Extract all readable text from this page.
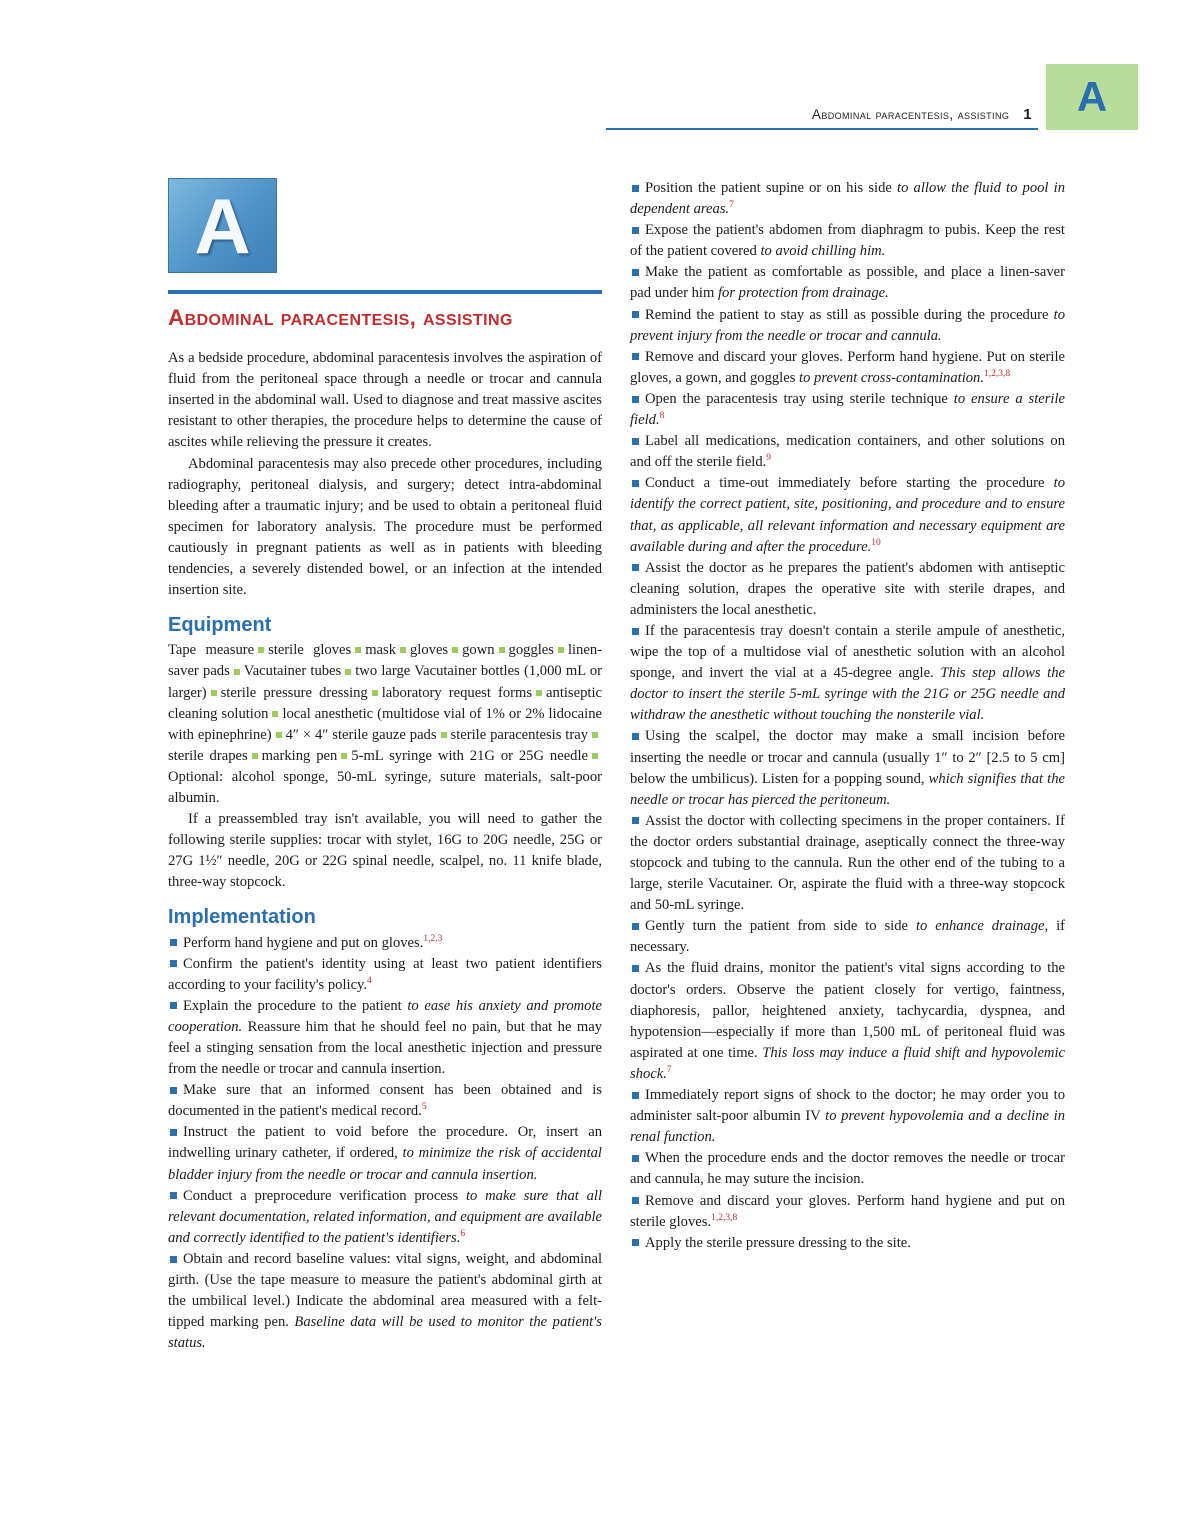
Abdominal paracentesis, assisting 1 A
A
Abdominal paracentesis, assisting

As a bedside procedure, abdominal paracentesis involves the aspiration of fluid from the peritoneal space through a needle or trocar and cannula inserted in the abdominal wall. Used to diagnose and treat massive ascites resistant to other therapies, the procedure helps to determine the cause of ascites while relieving the pressure it creates.

Abdominal paracentesis may also precede other procedures, including radiography, peritoneal dialysis, and surgery; detect intra-abdominal bleeding after a traumatic injury; and be used to obtain a peritoneal fluid specimen for laboratory analysis. The procedure must be performed cautiously in pregnant patients as well as in patients with bleeding tendencies, a severely distended bowel, or an infection at the intended insertion site.

Equipment

Tape measure sterile gloves mask gloves gown goggles linen-saver pads Vacutainer tubes two large Vacutainer bottles (1,000 mL or larger) sterile pressure dressing laboratory request forms antiseptic cleaning solution local anesthetic (multidose vial of 1% or 2% lidocaine with epinephrine) 4″ × 4″ sterile gauze pads sterile paracentesis traysterile drapes marking pen 5-mL syringe with 21G or 25G needleOptional: alcohol sponge, 50-mL syringe, suture materials, salt-poor albumin.

If a preassembled tray isn't available, you will need to gather the following sterile supplies: trocar with stylet, 16G to 20G needle, 25G or 27G 1½″ needle, 20G or 22G spinal needle, scalpel, no. 11 knife blade, three-way stopcock.

Implementation

Perform hand hygiene and put on gloves.$^{1,2,3}$

Confirm the patient's identity using at least two patient identifiers according to your facility's policy.$^4$

Explain the procedure to the patient to ease his anxiety and promote cooperation. Reassure him that he should feel no pain, but that he may feel a stinging sensation from the local anesthetic injection and pressure from the needle or trocar and cannula insertion.

Make sure that an informed consent has been obtained and is documented in the patient's medical record.$^5$

Instruct the patient to void before the procedure. Or, insert an indwelling urinary catheter, if ordered, to minimize the risk of accidental bladder injury from the needle or trocar and cannula insertion.

Conduct a preprocedure verification process to make sure that all relevant documentation, related information, and equipment are available and correctly identified to the patient's identifiers.$^6$

Obtain and record baseline values: vital signs, weight, and abdominal girth. (Use the tape measure to measure the patient's abdominal girth at the umbilical level.) Indicate the abdominal area measured with a felt-tipped marking pen. Baseline data will be used to monitor the patient's status.

Position the patient supine or on his side to allow the fluid to pool in dependent areas.$^7$

Expose the patient's abdomen from diaphragm to pubis. Keep the rest of the patient covered to avoid chilling him.

Make the patient as comfortable as possible, and place a linen-saver pad under him for protection from drainage.

Remind the patient to stay as still as possible during the procedure to prevent injury from the needle or trocar and cannula.

Remove and discard your gloves. Perform hand hygiene. Put on sterile gloves, a gown, and goggles to prevent cross-contamination.$^{1,2,3,8}$

Open the paracentesis tray using sterile technique to ensure a sterile field.$^8$

Label all medications, medication containers, and other solutions on and off the sterile field.$^9$

Conduct a time-out immediately before starting the procedure to identify the correct patient, site, positioning, and procedure and to ensure that, as applicable, all relevant information and necessary equipment are available during and after the procedure.$^{10}$

Assist the doctor as he prepares the patient's abdomen with antiseptic cleaning solution, drapes the operative site with sterile drapes, and administers the local anesthetic.

If the paracentesis tray doesn't contain a sterile ampule of anesthetic, wipe the top of a multidose vial of anesthetic solution with an alcohol sponge, and invert the vial at a 45-degree angle. This step allows the doctor to insert the sterile 5-mL syringe with the 21G or 25G needle and withdraw the anesthetic without touching the nonsterile vial.

Using the scalpel, the doctor may make a small incision before inserting the needle or trocar and cannula (usually 1″ to 2″ [2.5 to 5 cm] below the umbilicus). Listen for a popping sound, which signifies that the needle or trocar has pierced the peritoneum.

Assist the doctor with collecting specimens in the proper containers. If the doctor orders substantial drainage, aseptically connect the three-way stopcock and tubing to the cannula. Run the other end of the tubing to a large, sterile Vacutainer. Or, aspirate the fluid with a three-way stopcock and 50-mL syringe.

Gently turn the patient from side to side to enhance drainage, if necessary.

As the fluid drains, monitor the patient's vital signs according to the doctor's orders. Observe the patient closely for vertigo, faintness, diaphoresis, pallor, heightened anxiety, tachycardia, dyspnea, and hypotension—especially if more than 1,500 mL of peritoneal fluid was aspirated at one time. This loss may induce a fluid shift and hypovolemic shock.$^7$

Immediately report signs of shock to the doctor; he may order you to administer salt-poor albumin IV to prevent hypovolemia and a decline in renal function.

When the procedure ends and the doctor removes the needle or trocar and cannula, he may suture the incision.

Remove and discard your gloves. Perform hand hygiene and put on sterile gloves.$^{1,2,3,8}$

Apply the sterile pressure dressing to the site.
